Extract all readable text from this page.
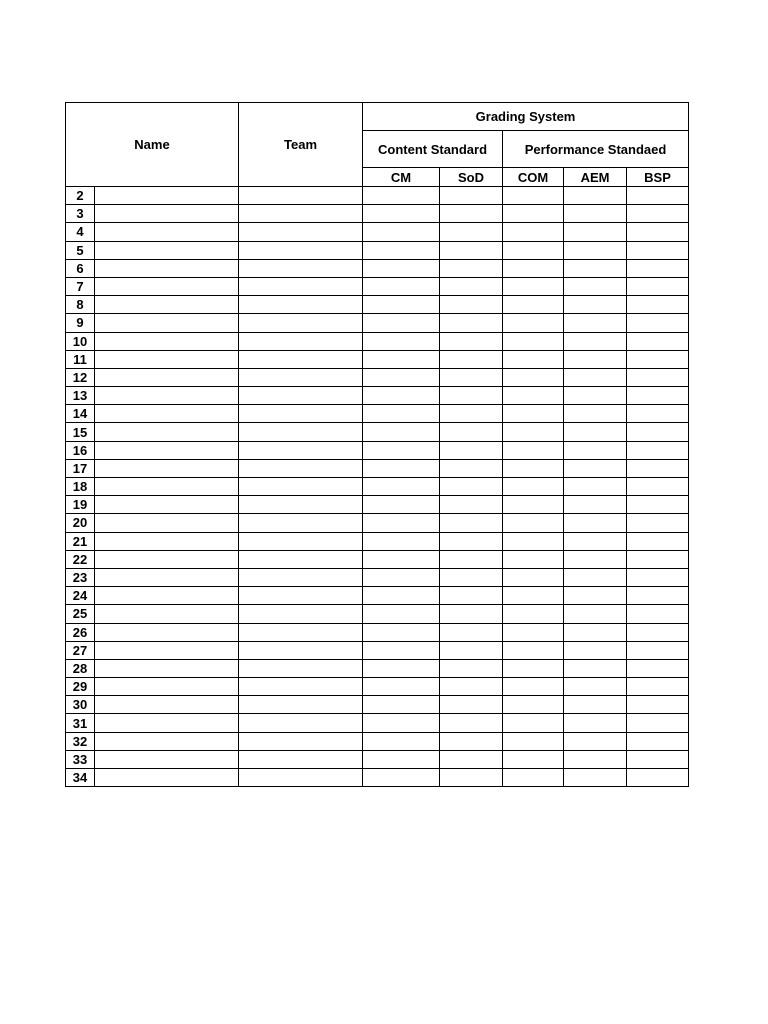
Name		Team	Grading System				
			Content Standard		Performance Standaed		
			CM	SoD	COM	AEM	BSP
2							
3							
4							
5							
6							
7							
8							
9							
10							
11							
12							
13							
14							
15							
16							
17							
18							
19							
20							
21							
22							
23							
24							
25							
26							
27							
28							
29							
30							
31							
32							
33							
34							
